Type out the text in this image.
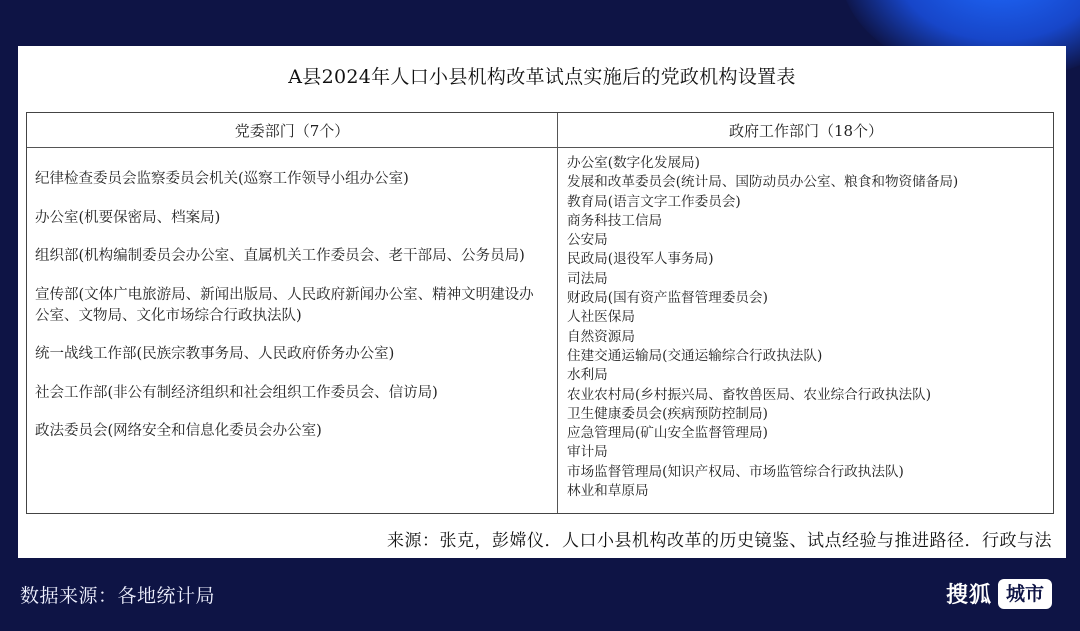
A县2024年人口小县机构改革试点实施后的党政机构设置表
党委部门（7个）	政府工作部门（18个）
纪律检查委员会监察委员会机关(巡察工作领导小组办公室)
办公室(机要保密局、档案局)
组织部(机构编制委员会办公室、直属机关工作委员会、老干部局、公务员局)
宣传部(文体广电旅游局、新闻出版局、人民政府新闻办公室、精神文明建设办公室、文物局、文化市场综合行政执法队)
统一战线工作部(民族宗教事务局、人民政府侨务办公室)
社会工作部(非公有制经济组织和社会组织工作委员会、信访局)
政法委员会(网络安全和信息化委员会办公室)
办公室(数字化发展局)
发展和改革委员会(统计局、国防动员办公室、粮食和物资储备局)
教育局(语言文字工作委员会)
商务科技工信局
公安局
民政局(退役军人事务局)
司法局
财政局(国有资产监督管理委员会)
人社医保局
自然资源局
住建交通运输局(交通运输综合行政执法队)
水利局
农业农村局(乡村振兴局、畜牧兽医局、农业综合行政执法队)
卫生健康委员会(疾病预防控制局)
应急管理局(矿山安全监督管理局)
审计局
市场监督管理局(知识产权局、市场监管综合行政执法队)
林业和草原局
来源：张克，彭嫦仪．人口小县机构改革的历史镜鉴、试点经验与推进路径．行政与法
数据来源：各地统计局	搜狐 城市
